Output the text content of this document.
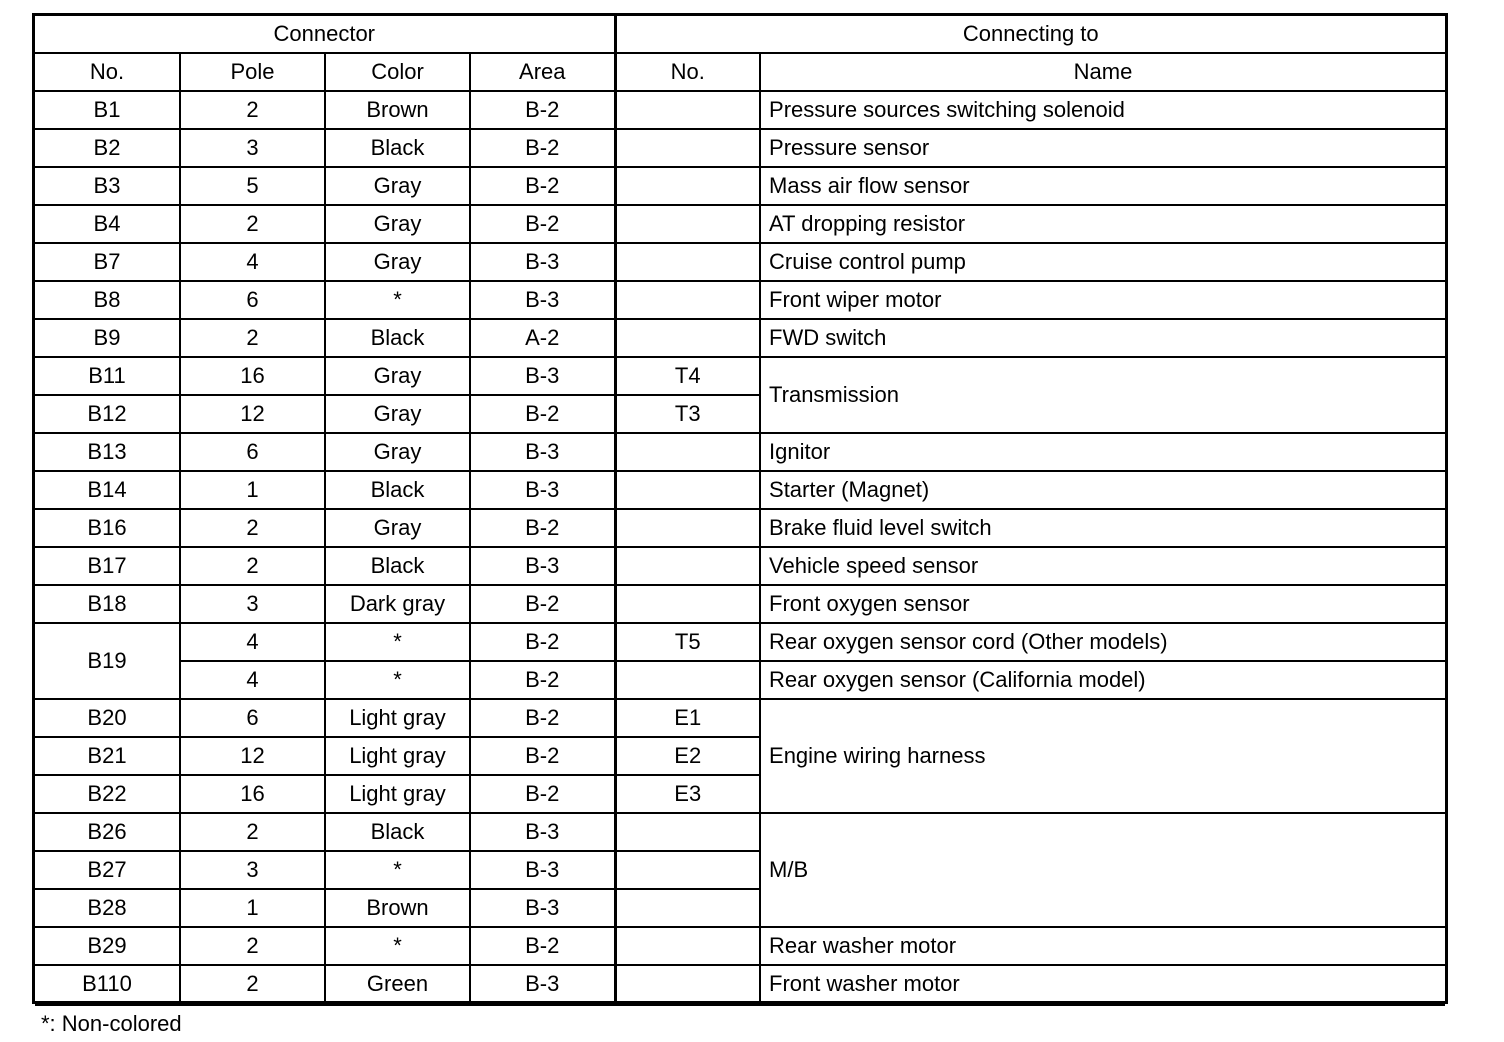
Connector				Connecting to	
No.	Pole	Color	Area	No.	Name
B1	2	Brown	B-2		Pressure sources switching solenoid
B2	3	Black	B-2		Pressure sensor
B3	5	Gray	B-2		Mass air flow sensor
B4	2	Gray	B-2		AT dropping resistor
B7	4	Gray	B-3		Cruise control pump
B8	6	*	B-3		Front wiper motor
B9	2	Black	A-2		FWD switch
B11	16	Gray	B-3	T4	Transmission
B12	12	Gray	B-2	T3	
B13	6	Gray	B-3		Ignitor
B14	1	Black	B-3		Starter (Magnet)
B16	2	Gray	B-2		Brake fluid level switch
B17	2	Black	B-3		Vehicle speed sensor
B18	3	Dark gray	B-2		Front oxygen sensor
B19	4	*	B-2	T5	Rear oxygen sensor cord (Other models)
	4	*	B-2		Rear oxygen sensor (California model)
B20	6	Light gray	B-2	E1	Engine wiring harness
B21	12	Light gray	B-2	E2	
B22	16	Light gray	B-2	E3	
B26	2	Black	B-3		M/B
B27	3	*	B-3		
B28	1	Brown	B-3		
B29	2	*	B-2		Rear washer motor
B110	2	Green	B-3		Front washer motor
*: Non-colored
